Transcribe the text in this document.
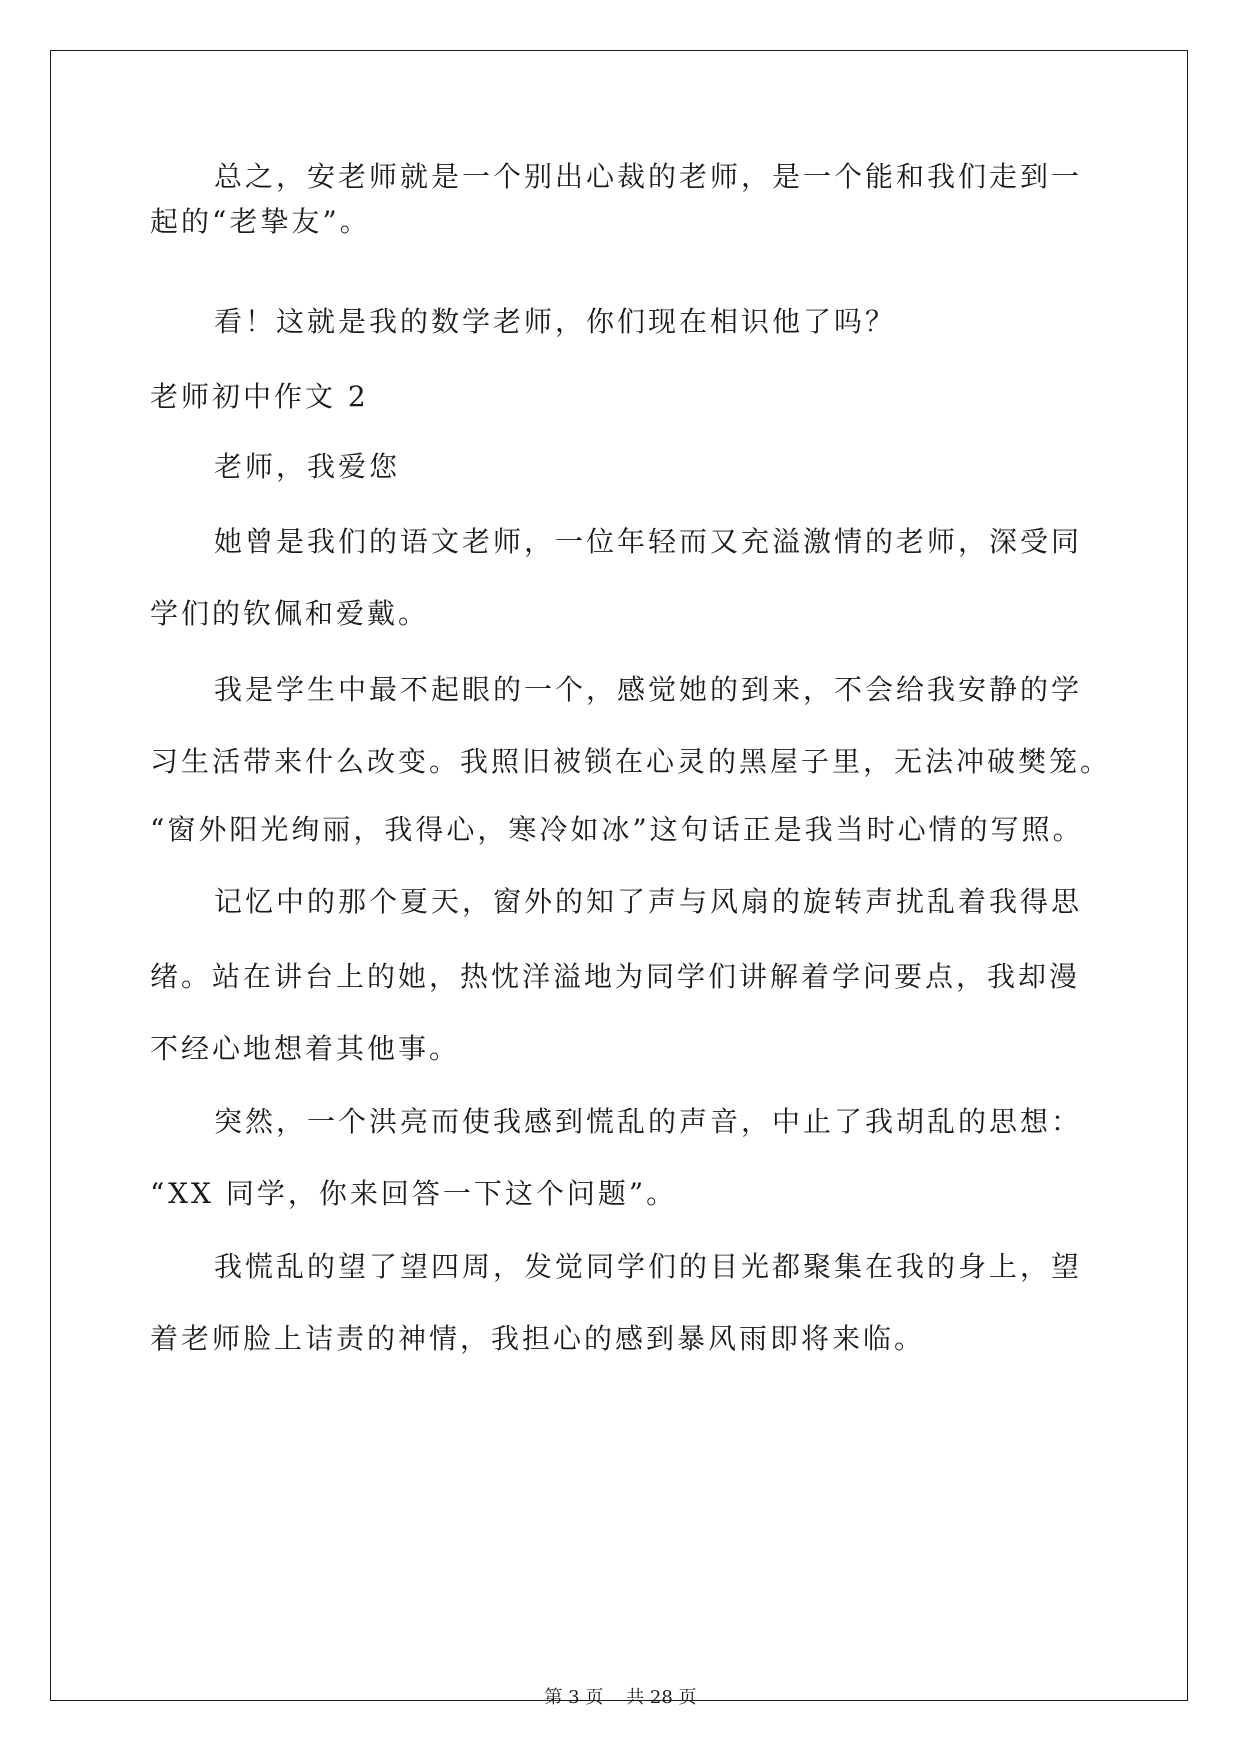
总之，安老师就是一个别出心裁的老师，是一个能和我们走到一

起的“老挚友”。

看！这就是我的数学老师，你们现在相识他了吗？

老师初中作文 2

老师，我爱您

她曾是我们的语文老师，一位年轻而又充溢激情的老师，深受同

学们的钦佩和爱戴。

我是学生中最不起眼的一个，感觉她的到来，不会给我安静的学

习生活带来什么改变。我照旧被锁在心灵的黑屋子里，无法冲破樊笼。

“窗外阳光绚丽，我得心，寒冷如冰”这句话正是我当时心情的写照。

记忆中的那个夏天，窗外的知了声与风扇的旋转声扰乱着我得思

绪。站在讲台上的她，热忱洋溢地为同学们讲解着学问要点，我却漫

不经心地想着其他事。

突然，一个洪亮而使我感到慌乱的声音，中止了我胡乱的思想：

“XX 同学，你来回答一下这个问题”。

我慌乱的望了望四周，发觉同学们的目光都聚集在我的身上，望

着老师脸上诘责的神情，我担心的感到暴风雨即将来临。

第 3 页    共 28 页
